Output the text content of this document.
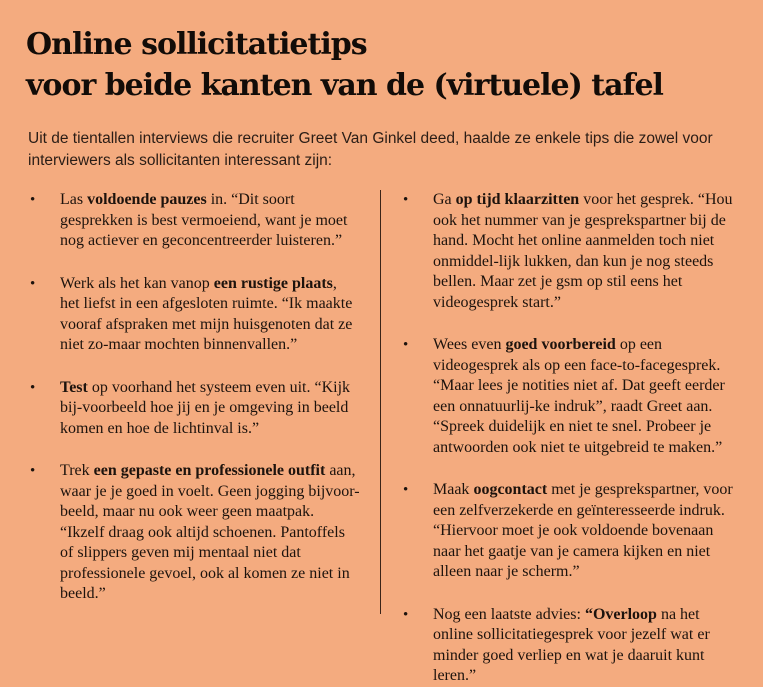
Online sollicitatietips
voor beide kanten van de (virtuele) tafel

Uit de tientallen interviews die recruiter Greet Van Ginkel deed, haalde ze enkele tips die zowel voor interviewers als sollicitanten interessant zijn:

• Las voldoende pauzes in. “Dit soort gesprekken is best vermoeiend, want je moet nog actiever en geconcentreerder luisteren.”
• Werk als het kan vanop een rustige plaats, het liefst in een afgesloten ruimte. “Ik maakte vooraf afspraken met mijn huisgenoten dat ze niet zo-maar mochten binnenvallen.”
• Test op voorhand het systeem even uit. “Kijk bij-voorbeeld hoe jij en je omgeving in beeld komen en hoe de lichtinval is.”
• Trek een gepaste en professionele outfit aan, waar je je goed in voelt. Geen jogging bijvoor-beeld, maar nu ook weer geen maatpak. “Ikzelf draag ook altijd schoenen. Pantoffels of slippers geven mij mentaal niet dat professionele gevoel, ook al komen ze niet in beeld.”
• Ga op tijd klaarzitten voor het gesprek. “Hou ook het nummer van je gesprekspartner bij de hand. Mocht het online aanmelden toch niet onmiddel-lijk lukken, dan kun je nog steeds bellen. Maar zet je gsm op stil eens het videogesprek start.”
• Wees even goed voorbereid op een videogesprek als op een face-to-facegesprek. “Maar lees je notities niet af. Dat geeft eerder een onnatuurlij-ke indruk”, raadt Greet aan. “Spreek duidelijk en niet te snel. Probeer je antwoorden ook niet te uitgebreid te maken.”
• Maak oogcontact met je gesprekspartner, voor een zelfverzekerde en geïnteresseerde indruk. “Hiervoor moet je ook voldoende bovenaan naar het gaatje van je camera kijken en niet alleen naar je scherm.”
• Nog een laatste advies: “Overloop na het online sollicitatiegesprek voor jezelf wat er minder goed verliep en wat je daaruit kunt leren.”
